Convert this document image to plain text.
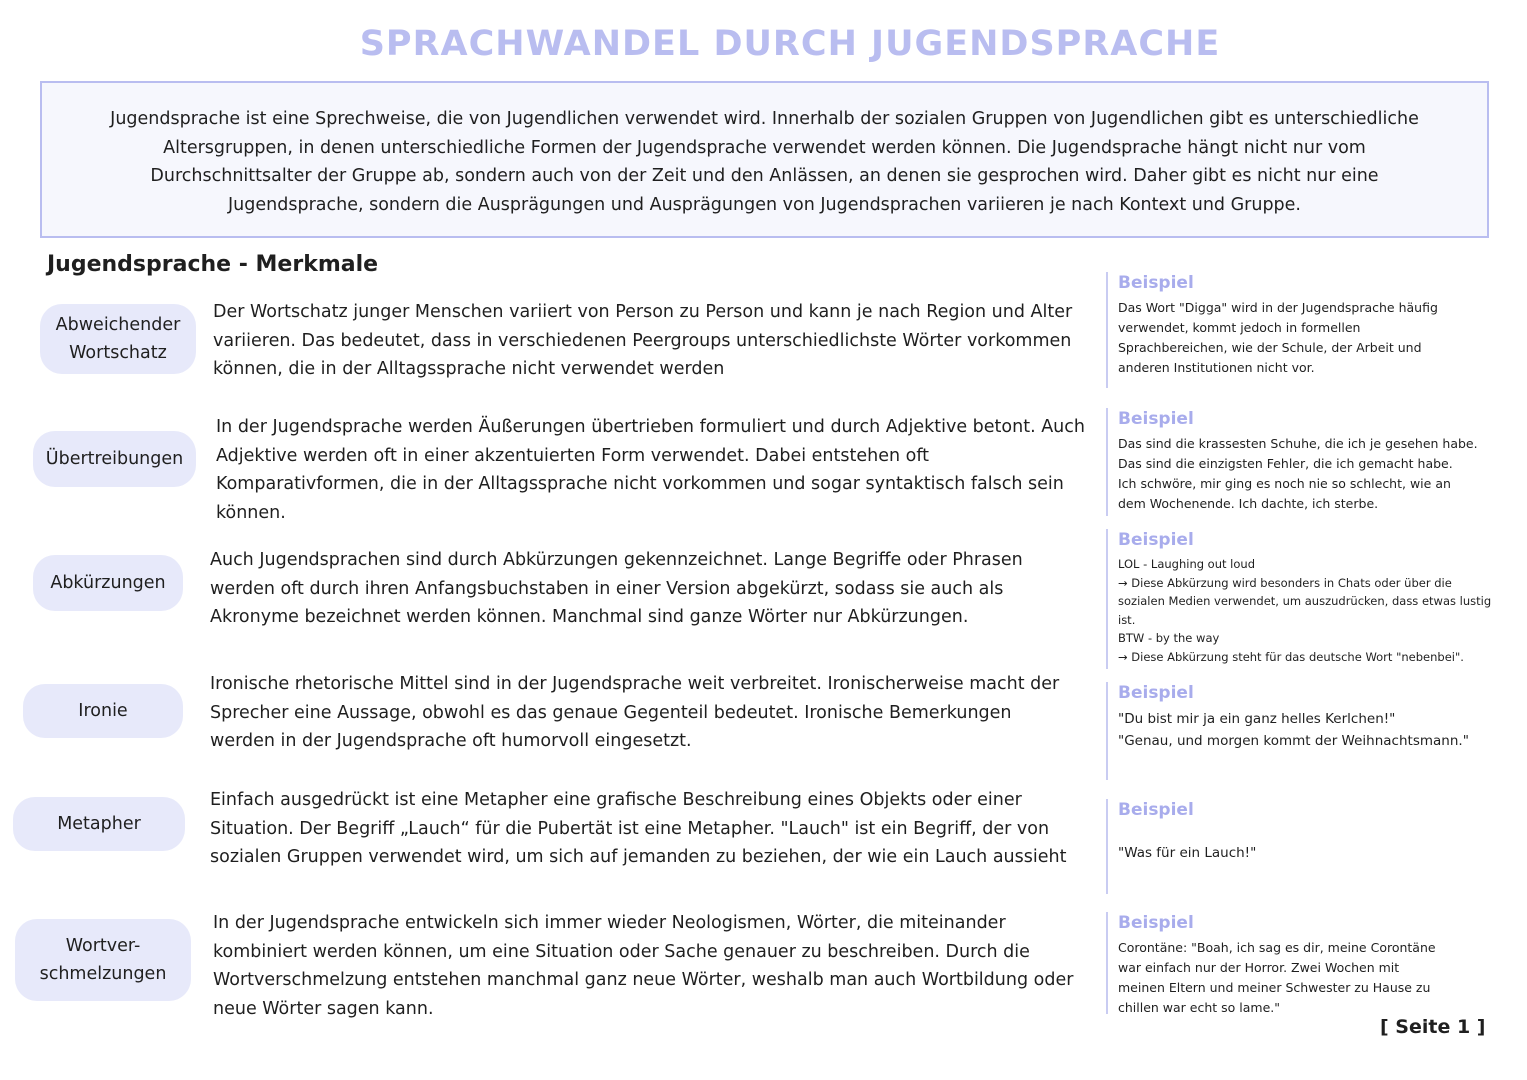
SPRACHWANDEL DURCH JUGENDSPRACHE
Jugendsprache ist eine Sprechweise, die von Jugendlichen verwendet wird. Innerhalb der sozialen Gruppen von Jugendlichen gibt es unterschiedliche Altersgruppen, in denen unterschiedliche Formen der Jugendsprache verwendet werden können. Die Jugendsprache hängt nicht nur vom Durchschnittsalter der Gruppe ab, sondern auch von der Zeit und den Anlässen, an denen sie gesprochen wird. Daher gibt es nicht nur eine Jugendsprache, sondern die Ausprägungen und Ausprägungen von Jugendsprachen variieren je nach Kontext und Gruppe.
Jugendsprache - Merkmale
Abweichender
Wortschatz
Der Wortschatz junger Menschen variiert von Person zu Person und kann je nach Region und Alter variieren. Das bedeutet, dass in verschiedenen Peergroups unterschiedlichste Wörter vorkommen können, die in der Alltagssprache nicht verwendet werden
Beispiel
Das Wort "Digga" wird in der Jugendsprache häufig
verwendet, kommt jedoch in formellen
Sprachbereichen, wie der Schule, der Arbeit und
anderen Institutionen nicht vor.
Übertreibungen
In der Jugendsprache werden Äußerungen übertrieben formuliert und durch Adjektive betont. Auch Adjektive werden oft in einer akzentuierten Form verwendet. Dabei entstehen oft Komparativformen, die in der Alltagssprache nicht vorkommen und sogar syntaktisch falsch sein können.
Beispiel
Das sind die krassesten Schuhe, die ich je gesehen habe.
Das sind die einzigsten Fehler, die ich gemacht habe.
Ich schwöre, mir ging es noch nie so schlecht, wie an
dem Wochenende. Ich dachte, ich sterbe.
Abkürzungen
Auch Jugendsprachen sind durch Abkürzungen gekennzeichnet. Lange Begriffe oder Phrasen werden oft durch ihren Anfangsbuchstaben in einer Version abgekürzt, sodass sie auch als Akronyme bezeichnet werden können. Manchmal sind ganze Wörter nur Abkürzungen.
Beispiel
LOL - Laughing out loud
→ Diese Abkürzung wird besonders in Chats oder über die
sozialen Medien verwendet, um auszudrücken, dass etwas lustig
ist.
BTW - by the way
→ Diese Abkürzung steht für das deutsche Wort "nebenbei".
Ironie
Ironische rhetorische Mittel sind in der Jugendsprache weit verbreitet. Ironischerweise macht der Sprecher eine Aussage, obwohl es das genaue Gegenteil bedeutet. Ironische Bemerkungen werden in der Jugendsprache oft humorvoll eingesetzt.
Beispiel
"Du bist mir ja ein ganz helles Kerlchen!"
"Genau, und morgen kommt der Weihnachtsmann."
Metapher
Einfach ausgedrückt ist eine Metapher eine grafische Beschreibung eines Objekts oder einer Situation. Der Begriff „Lauch“ für die Pubertät ist eine Metapher. "Lauch" ist ein Begriff, der von sozialen Gruppen verwendet wird, um sich auf jemanden zu beziehen, der wie ein Lauch aussieht
Beispiel
"Was für ein Lauch!"
Wortver-
schmelzungen
In der Jugendsprache entwickeln sich immer wieder Neologismen, Wörter, die miteinander kombiniert werden können, um eine Situation oder Sache genauer zu beschreiben. Durch die Wortverschmelzung entstehen manchmal ganz neue Wörter, weshalb man auch Wortbildung oder neue Wörter sagen kann.
Beispiel
Corontäne: "Boah, ich sag es dir, meine Corontäne
war einfach nur der Horror. Zwei Wochen mit
meinen Eltern und meiner Schwester zu Hause zu
chillen war echt so lame."
[ Seite 1 ]
